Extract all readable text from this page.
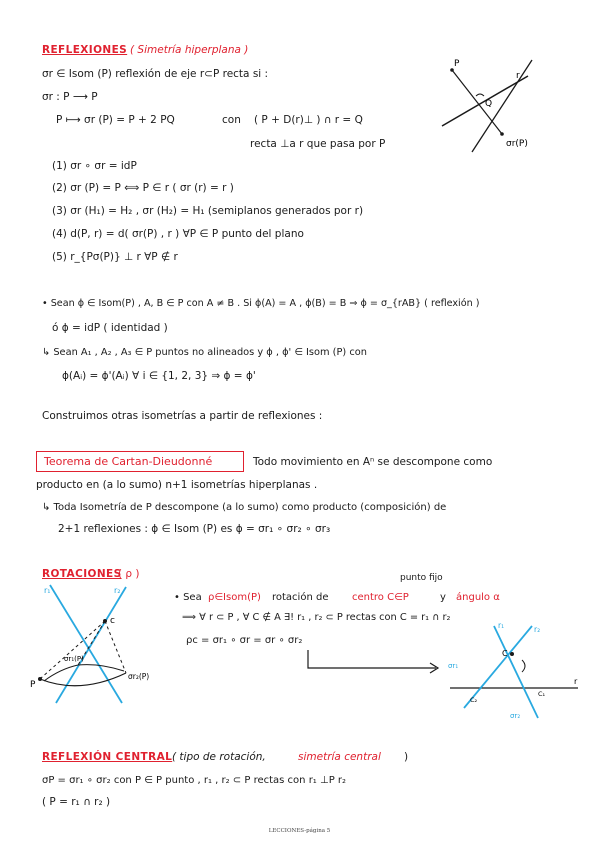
REFLEXIONES ( Simetría hiperplana )
σr ∈ Isom (P) reflexión de eje r⊂P recta si :
σr : P ⟶ P
P ⟼ σr (P) = P + 2 PQ	con ( P + D(r)⊥ ) ∩ r = Q
recta ⊥a r que pasa por P
P
r
Q
σr(P)
(1) σr ∘ σr = idP
(2) σr (P) = P ⟺ P ∈ r ( σr (r) = r )
(3) σr (H₁) = H₂ , σr (H₂) = H₁ (semiplanos generados por r)
(4) d(P, r) = d( σr(P) , r ) ∀P ∈ P punto del plano
(5) r_{Pσ(P)} ⊥ r ∀P ∉ r
• Sean ϕ ∈ Isom(P) , A, B ∈ P con A ≠ B . Si ϕ(A) = A , ϕ(B) = B ⇒ ϕ = σ_{rAB} ( reflexión )
ó ϕ = idP ( identidad )
↳ Sean A₁ , A₂ , A₃ ∈ P puntos no alineados y ϕ , ϕ' ∈ Isom (P) con
ϕ(Aᵢ) = ϕ'(Aᵢ) ∀ i ∈ {1, 2, 3} ⇒ ϕ = ϕ'
Construimos otras isometrías a partir de reflexiones :
Teorema de Cartan-Dieudonné	Todo movimiento en Aⁿ se descompone como
producto en (a lo sumo) n+1 isometrías hiperplanas .
↳ Toda Isometría de P descompone (a lo sumo) como producto (composición) de
2+1 reflexiones : ϕ ∈ Isom (P) es ϕ = σr₁ ∘ σr₂ ∘ σr₃
ROTACIONES
( ρ )	punto fijo
• Sea ρ∈Isom(P) rotación de centro C∈P	y ángulo α
⟹ ∀ r ⊂ P , ∀ C ∉ A ∃! r₁ , r₂ ⊂ P rectas con C = r₁ ∩ r₂
ρc = σr₁ ∘ σr = σr ∘ σr₂
r₁	r₂
c
P
σr₁(P)
σr₂(P)
r₁	r₂
C
r
σr₁
σr₂
C₁
C₂
REFLEXIÓN CENTRAL ( tipo de rotación,	simetría central )
σP = σr₁ ∘ σr₂ con P ∈ P punto , r₁ , r₂ ⊂ P rectas con r₁ ⊥P r₂
( P = r₁ ∩ r₂ )
LECCIONES-página 5
